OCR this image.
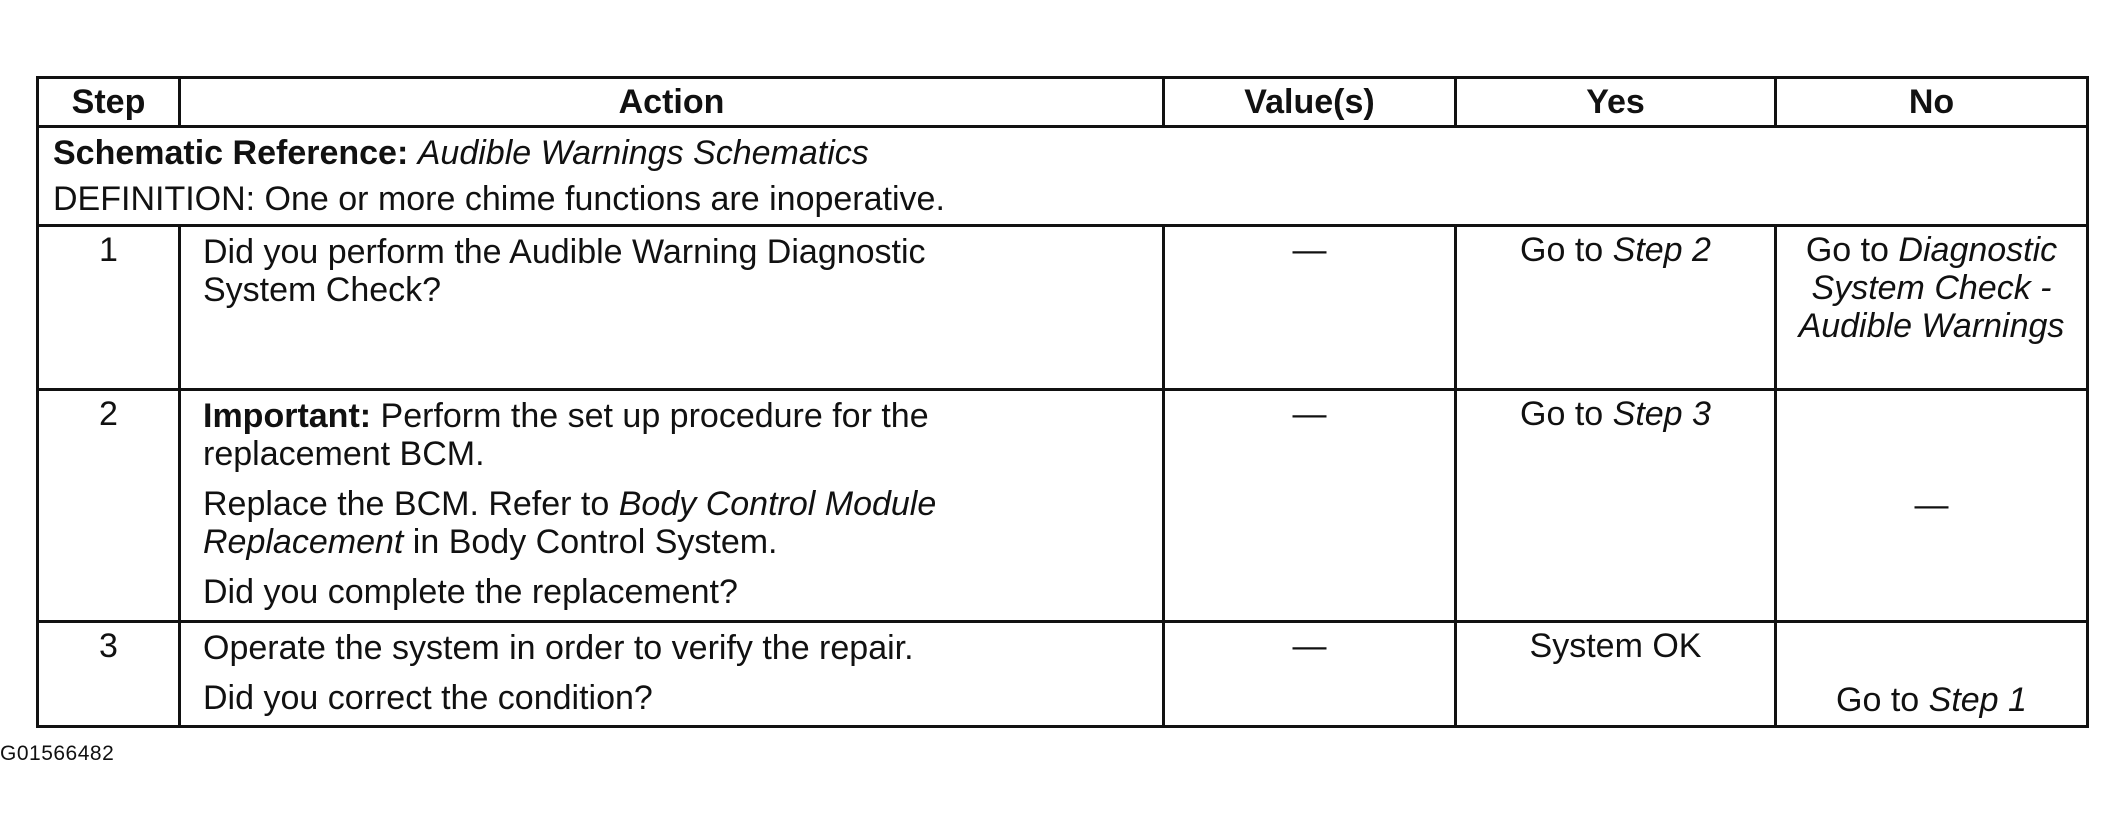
Step	Action	Value(s)	Yes	No

Schematic Reference: Audible Warnings Schematics
DEFINITION: One or more chime functions are inoperative.				

1	Did you perform the Audible Warning Diagnostic System Check?	—	Go to Step 2	Go to Diagnostic System Check - Audible Warnings
2	Important: Perform the set up procedure for the replacement BCM.

Replace the BCM. Refer to Body Control Module Replacement in Body Control System.

Did you complete the replacement?	—	Go to Step 3	—
3	Operate the system in order to verify the repair.

Did you correct the condition?	—	System OK	Go to Step 1
G01566482
